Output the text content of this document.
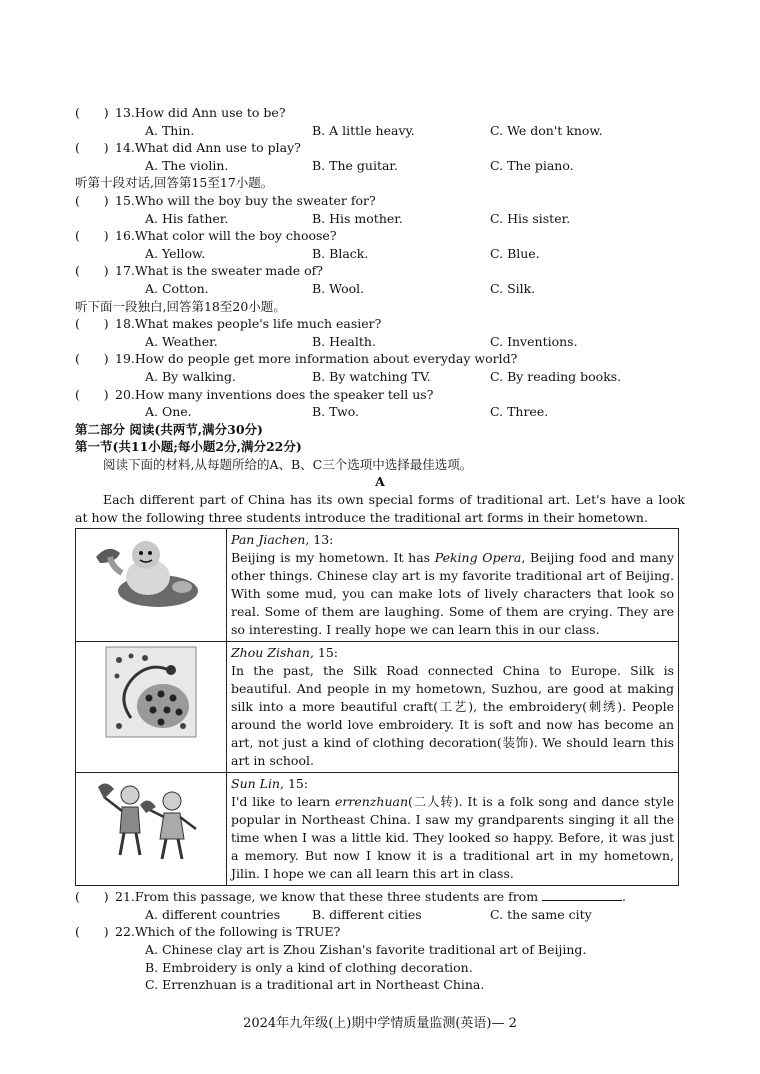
( ) 13.How did Ann use to be?
A. Thin.	B. A little heavy.	C. We don't know.
( ) 14.What did Ann use to play?
A. The violin.	B. The guitar.	C. The piano.
听第十段对话,回答第15至17小题。
( ) 15.Who will the boy buy the sweater for?
A. His father.	B. His mother.	C. His sister.
( ) 16.What color will the boy choose?
A. Yellow.	B. Black.	C. Blue.
( ) 17.What is the sweater made of?
A. Cotton.	B. Wool.	C. Silk.
听下面一段独白,回答第18至20小题。
( ) 18.What makes people's life much easier?
A. Weather.	B. Health.	C. Inventions.
( ) 19.How do people get more information about everyday world?
A. By walking.	B. By watching TV.	C. By reading books.
( ) 20.How many inventions does the speaker tell us?
A. One.	B. Two.	C. Three.
第二部分 阅读(共两节,满分30分)
第一节(共11小题;每小题2分,满分22分)
阅读下面的材料,从每题所给的A、B、C三个选项中选择最佳选项。
A

Each different part of China has its own special forms of traditional art. Let's have a look at how the following three students introduce the traditional art forms in their hometown.

	Pan Jiachen, 13:
Beijing is my hometown. It has Peking Opera, Beijing food and many other things. Chinese clay art is my favorite traditional art of Beijing. With some mud, you can make lots of lively characters that look so real. Some of them are laughing. Some of them are crying. They are so interesting. I really hope we can learn this in our class.

	Zhou Zishan, 15:
In the past, the Silk Road connected China to Europe. Silk is beautiful. And people in my hometown, Suzhou, are good at making silk into a more beautiful craft(工艺), the embroidery(刺绣). People around the world love embroidery. It is soft and now has become an art, not just a kind of clothing decoration(装饰). We should learn this art in school.

	Sun Lin, 15:
I'd like to learn errenzhuan(二人转). It is a folk song and dance style popular in Northeast China. I saw my grandparents singing it all the time when I was a little kid. They looked so happy. Before, it was just a memory. But now I know it is a traditional art in my hometown, Jilin. I hope we can all learn this art in class.
( ) 21.From this passage, we know that these three students are from	.
A. different countries	B. different cities	C. the same city
( ) 22.Which of the following is TRUE?
A. Chinese clay art is Zhou Zishan's favorite traditional art of Beijing.
B. Embroidery is only a kind of clothing decoration.
C. Errenzhuan is a traditional art in Northeast China.
2024年九年级(上)期中学情质量监测(英语)— 2
